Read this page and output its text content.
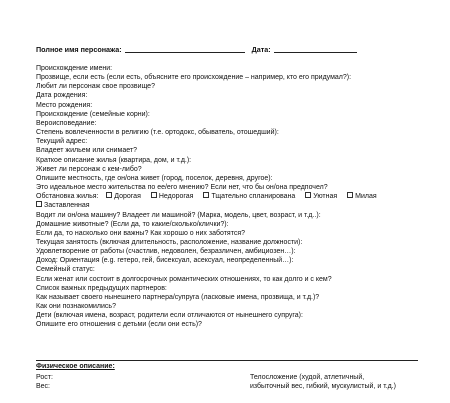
Полное имя персонажа:	Дата:
Происхождение имени:
Прозвище, если есть (если есть, объясните его происхождение – например, кто его придумал?):
Любит ли персонаж свое прозвище?
Дата рождения:
Место рождения:
Происхождение (семейные корни):
Вероисповедание:
Степень вовлеченности в религию (т.е. ортодокс, обыватель, отошедший):
Текущий адрес:
Владеет жильем или снимает?
Краткое описание жилья (квартира, дом, и т.д.):
Живет ли персонаж с кем-либо?
Опишите местность, где он/она живет (город, поселок, деревня, другое):
Это идеальное место жительства по ее/его мнению? Если нет, что бы он/она предпочел?
Обстановка жилья: Дорогая	Недорогая	Тщательно спланирована	Уютная	Милая
Заставленная
Водит ли он/она машину? Владеет ли машиной? (Марка, модель, цвет, возраст, и т.д..):
Домашние животные? (Если да, то какие/сколько/клички?):
Если да, то насколько они важны? Как хорошо о них заботятся?
Текущая занятость (включая длительность, расположение, название должности):
Удовлетворение от работы (счастлив, недоволен, безразличен, амбициозен…):
Доход: Ориентация (e.g. гетеро, гей, бисексуал, асексуал, неопределенный…):
Семейный статус:
Если женат или состоит в долгосрочных романтических отношениях, то как долго и с кем?
Список важных предыдущих партнеров:
Как называет своего нынешнего партнера/супруга (ласковые имена, прозвища, и т.д.)?
Как они познакомились?
Дети (включая имена, возраст, родители если отличаются от нынешнего супруга):
Опишите его отношения с детьми (если они есть)?
Физическое описание:
Рост:
Вес:
Телосложение (худой, атлетичный, избыточный вес, гибкий, мускулистый, и т.д.)
